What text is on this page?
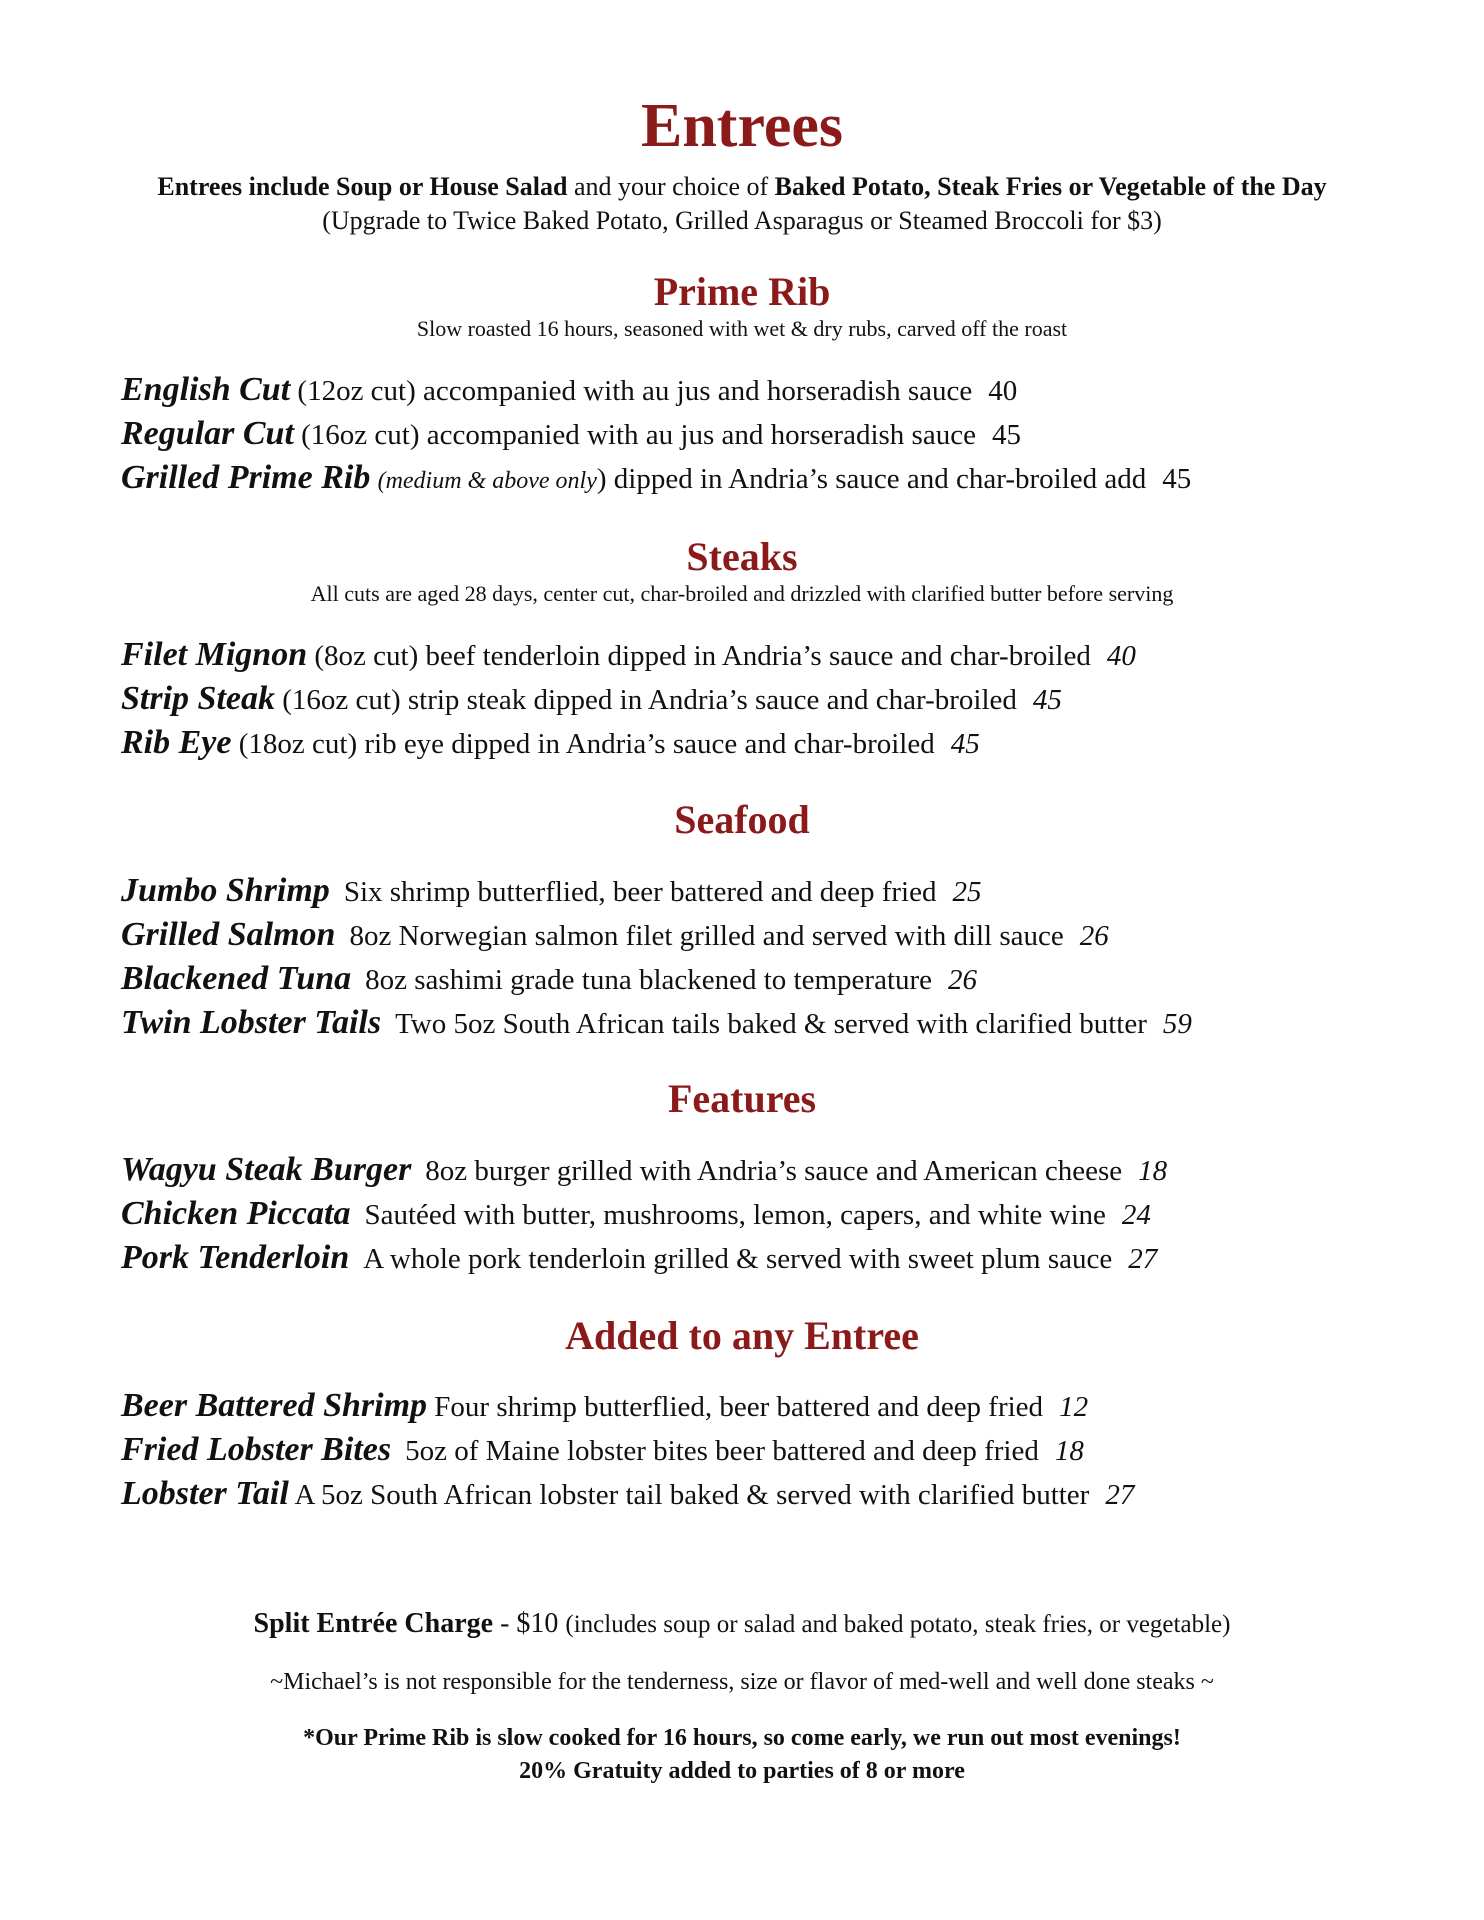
Entrees

Entrees include Soup or House Salad and your choice of Baked Potato, Steak Fries or Vegetable of the Day (Upgrade to Twice Baked Potato, Grilled Asparagus or Steamed Broccoli for $3)

Prime Rib

Slow roasted 16 hours, seasoned with wet & dry rubs, carved off the roast

English Cut (12oz cut) accompanied with au jus and horseradish sauce 40
Regular Cut (16oz cut) accompanied with au jus and horseradish sauce 45
Grilled Prime Rib (medium & above only) dipped in Andria’s sauce and char-broiled add 45
Steaks

All cuts are aged 28 days, center cut, char-broiled and drizzled with clarified butter before serving

Filet Mignon (8oz cut) beef tenderloin dipped in Andria’s sauce and char-broiled 40
Strip Steak (16oz cut) strip steak dipped in Andria’s sauce and char-broiled 45
Rib Eye (18oz cut) rib eye dipped in Andria’s sauce and char-broiled 45
Seafood
Jumbo Shrimp Six shrimp butterflied, beer battered and deep fried 25
Grilled Salmon 8oz Norwegian salmon filet grilled and served with dill sauce 26
Blackened Tuna 8oz sashimi grade tuna blackened to temperature 26
Twin Lobster Tails Two 5oz South African tails baked & served with clarified butter 59
Features
Wagyu Steak Burger 8oz burger grilled with Andria’s sauce and American cheese 18
Chicken Piccata Sautéed with butter, mushrooms, lemon, capers, and white wine 24
Pork Tenderloin A whole pork tenderloin grilled & served with sweet plum sauce 27
Added to any Entree
Beer Battered Shrimp Four shrimp butterflied, beer battered and deep fried 12
Fried Lobster Bites 5oz of Maine lobster bites beer battered and deep fried 18
Lobster Tail A 5oz South African lobster tail baked & served with clarified butter 27

Split Entrée Charge - $10 (includes soup or salad and baked potato, steak fries, or vegetable)

~Michael’s is not responsible for the tenderness, size or flavor of med-well and well done steaks ~

*Our Prime Rib is slow cooked for 16 hours, so come early, we run out most evenings!

20% Gratuity added to parties of 8 or more
